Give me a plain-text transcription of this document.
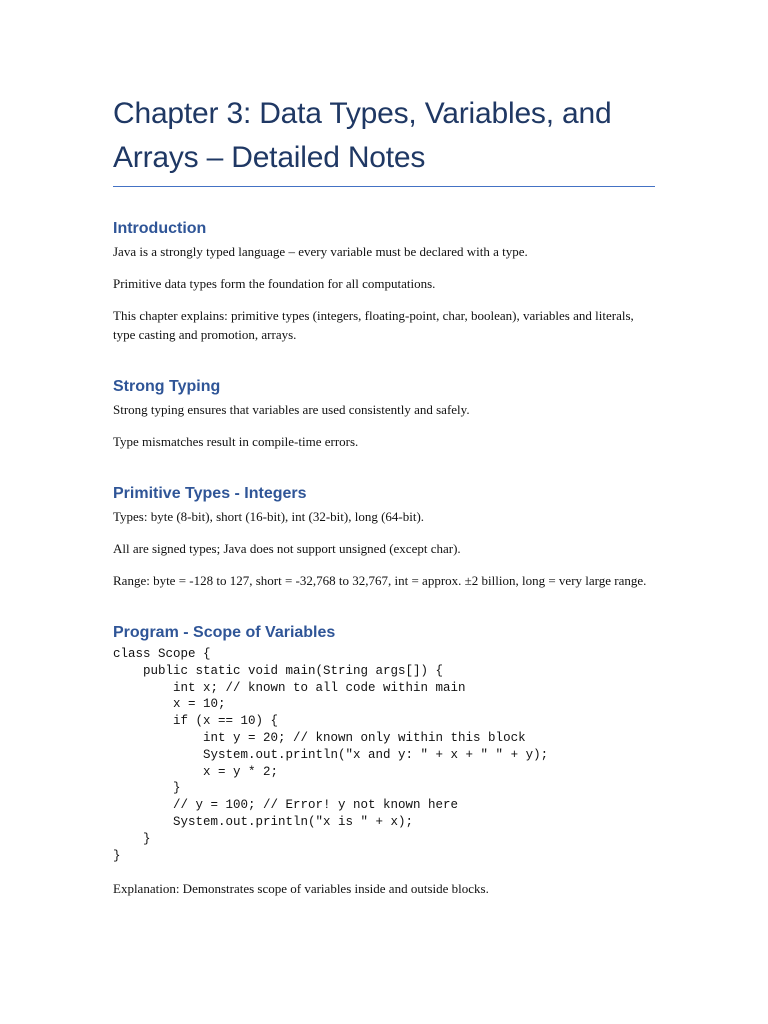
Chapter 3: Data Types, Variables, and
Arrays – Detailed Notes
Introduction

Java is a strongly typed language – every variable must be declared with a type.

Primitive data types form the foundation for all computations.

This chapter explains: primitive types (integers, floating-point, char, boolean), variables and literals, type casting and promotion, arrays.

Strong Typing

Strong typing ensures that variables are used consistently and safely.

Type mismatches result in compile-time errors.

Primitive Types - Integers

Types: byte (8-bit), short (16-bit), int (32-bit), long (64-bit).

All are signed types; Java does not support unsigned (except char).

Range: byte = -128 to 127, short = -32,768 to 32,767, int = approx. ±2 billion, long = very large range.

Program - Scope of Variables
class Scope {
public static void main(String args[]) {
int x; // known to all code within main
x = 10;
if (x == 10) {
int y = 20; // known only within this block
System.out.println("x and y: " + x + " " + y);
x = y * 2;
}
// y = 100; // Error! y not known here
System.out.println("x is " + x);
}
}

Explanation: Demonstrates scope of variables inside and outside blocks.
